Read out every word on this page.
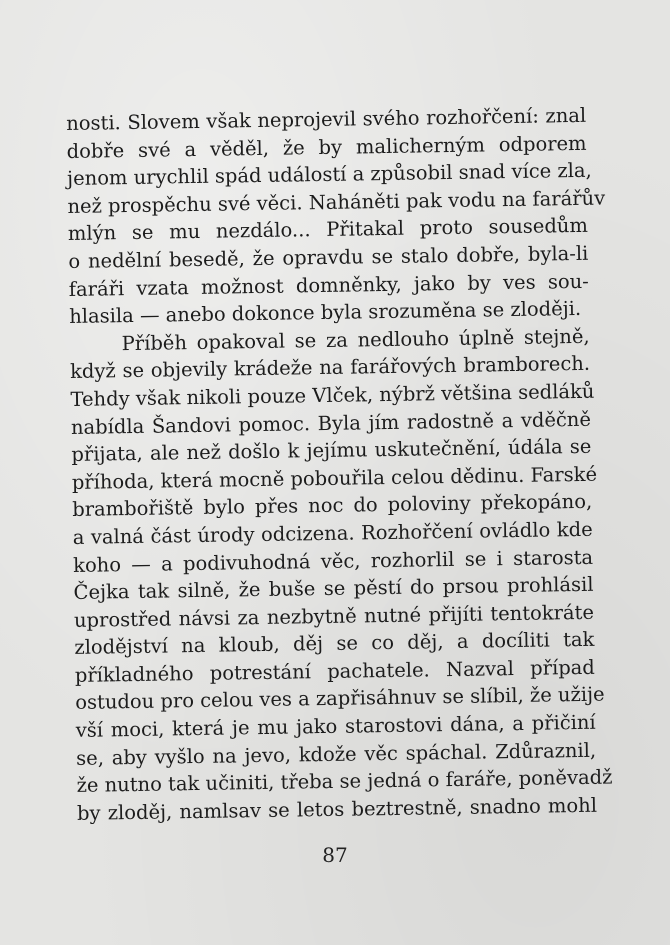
nosti. Slovem však neprojevil svého rozhořčení: znal
dobře své a věděl, že by malicherným odporem
jenom urychlil spád událostí a způsobil snad více zla,
než prospěchu své věci. Naháněti pak vodu na farářův
mlýn se mu nezdálo... Přitakal proto sousedům
o nedělní besedě, že opravdu se stalo dobře, byla-li
faráři vzata možnost domněnky, jako by ves sou-
hlasila — anebo dokonce byla srozuměna se zloději.
Příběh opakoval se za nedlouho úplně stejně,
když se objevily krádeže na farářových bramborech.
Tehdy však nikoli pouze Vlček, nýbrž většina sedláků
nabídla Šandovi pomoc. Byla jím radostně a vděčně
přijata, ale než došlo k jejímu uskutečnění, údála se
příhoda, která mocně pobouřila celou dědinu. Farské
brambořiště bylo přes noc do poloviny překopáno,
a valná část úrody odcizena. Rozhořčení ovládlo kde
koho — a podivuhodná věc, rozhorlil se i starosta
Čejka tak silně, že buše se pěstí do prsou prohlásil
uprostřed návsi za nezbytně nutné přijíti tentokráte
zlodějství na kloub, děj se co děj, a docíliti tak
příkladného potrestání pachatele. Nazval případ
ostudou pro celou ves a zapřisáhnuv se slíbil, že užije
vší moci, která je mu jako starostovi dána, a přičiní
se, aby vyšlo na jevo, kdože věc spáchal. Zdůraznil,
že nutno tak učiniti, třeba se jedná o faráře, poněvadž
by zloděj, namlsav se letos beztrestně, snadno mohl
87
